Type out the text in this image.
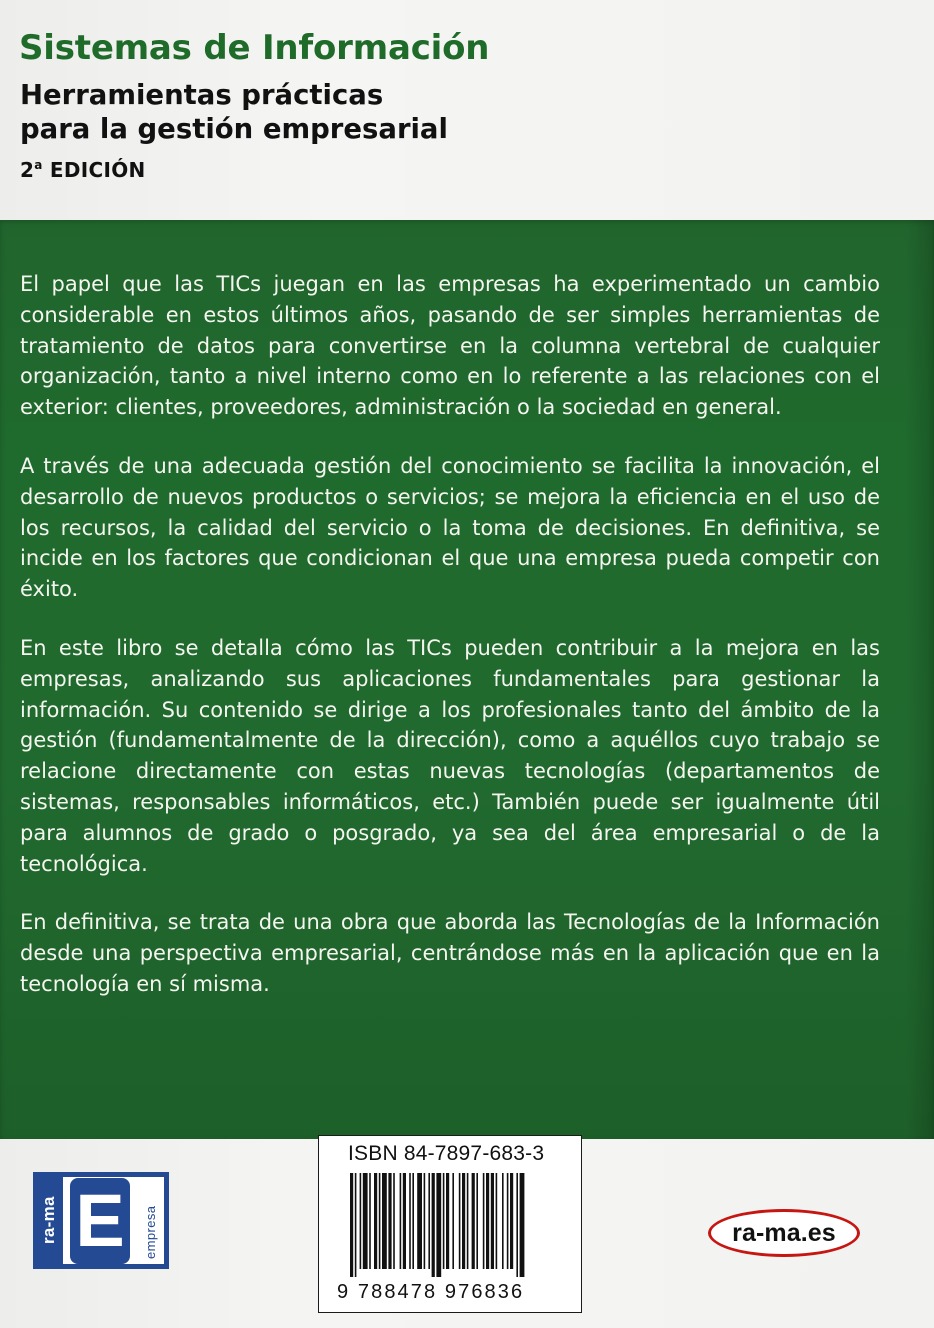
Sistemas de Información
Herramientas prácticas
para la gestión empresarial
2$^a$ EDICIÓN

El papel que las TICs juegan en las empresas ha experimentado un cambio considerable en estos últimos años, pasando de ser simples herramientas de tratamiento de datos para convertirse en la columna vertebral de cualquier organización, tanto a nivel interno como en lo referente a las relaciones con el exterior: clientes, proveedores, administración o la sociedad en general.

A través de una adecuada gestión del conocimiento se facilita la innovación, el desarrollo de nuevos productos o servicios; se mejora la eficiencia en el uso de los recursos, la calidad del servicio o la toma de decisiones. En definitiva, se incide en los factores que condicionan el que una empresa pueda competir con éxito.

En este libro se detalla cómo las TICs pueden contribuir a la mejora en las empresas, analizando sus aplicaciones fundamentales para gestionar la información. Su contenido se dirige a los profesionales tanto del ámbito de la gestión (fundamentalmente de la dirección), como a aquéllos cuyo trabajo se relacione directamente con estas nuevas tecnologías (departamentos de sistemas, responsables informáticos, etc.) También puede ser igualmente útil para alumnos de grado o posgrado, ya sea del área empresarial o de la tecnológica.

En definitiva, se trata de una obra que aborda las Tecnologías de la Información desde una perspectiva empresarial, centrándose más en la aplicación que en la tecnología en sí misma.

ra-ma E	empresa
ISBN 84-7897-683-3
9 788478 976836
ra-ma.es
